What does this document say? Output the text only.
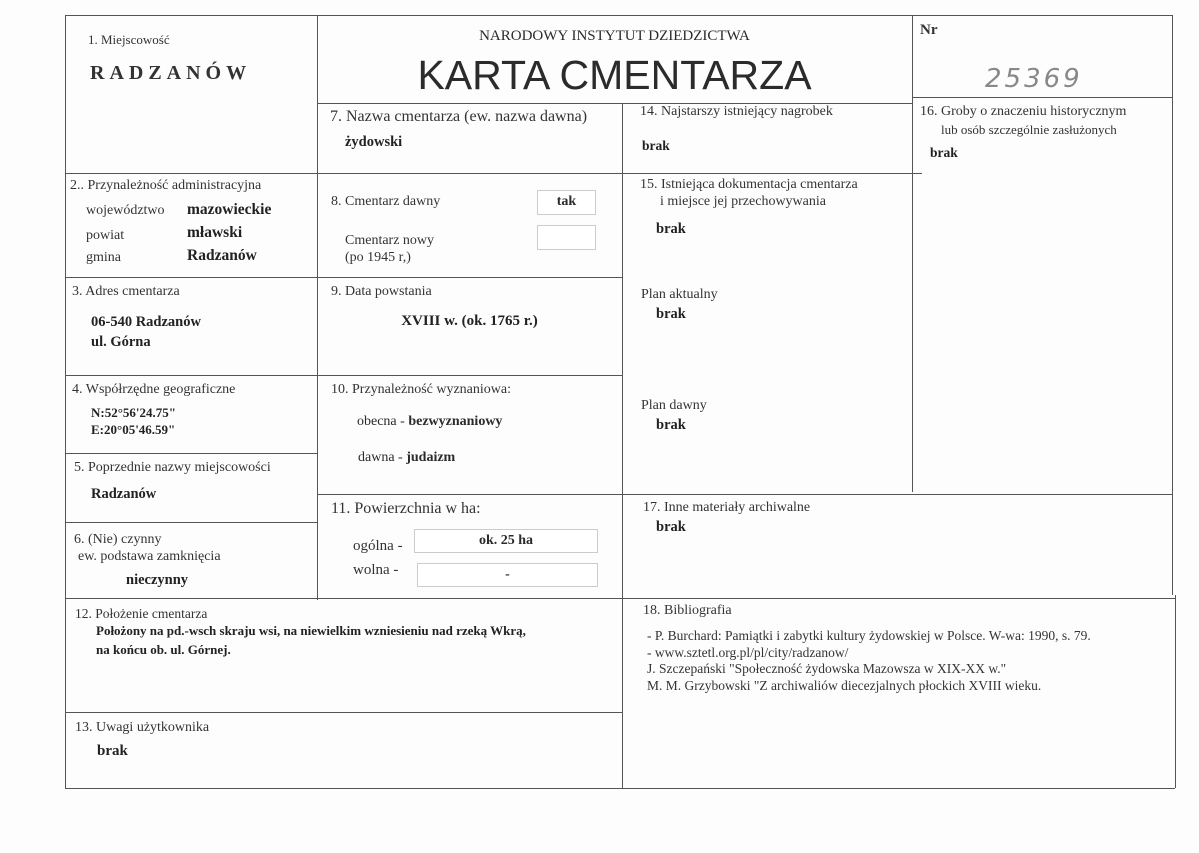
NARODOWY INSTYTUT DZIEDZICTWA
KARTA CMENTARZA
Nr
25369
1. Miejscowość
RADZANÓW
2.. Przynależność administracyjna
województwo mazowieckie
powiat	mławski
gmina	Radzanów
3. Adres cmentarza
06-540 Radzanów
ul. Górna
4. Współrzędne geograficzne
N:52°56'24.75"
E:20°05'46.59"
5. Poprzednie nazwy miejscowości
Radzanów
6. (Nie) czynny
ew. podstawa zamknięcia
nieczynny
7. Nazwa cmentarza (ew. nazwa dawna)
żydowski
8. Cmentarz dawny	tak
Cmentarz nowy
(po 1945 r,)
9. Data powstania
XVIII w. (ok. 1765 r.)
10. Przynależność wyznaniowa:
obecna - bezwyznaniowy
dawna - judaizm
11. Powierzchnia w ha:
ogólna -	ok. 25 ha
wolna -	-
12. Położenie cmentarza
Położony na pd.-wsch skraju wsi, na niewielkim wzniesieniu nad rzeką Wkrą,
na końcu ob. ul. Górnej.
13. Uwagi użytkownika
brak
14. Najstarszy istniejący nagrobek
brak
15. Istniejąca dokumentacja cmentarza
i miejsce jej przechowywania
brak
Plan aktualny
brak
Plan dawny
brak
16. Groby o znaczeniu historycznym
lub osób szczególnie zasłużonych
brak
17. Inne materiały archiwalne
brak
18. Bibliografia
- P. Burchard: Pamiątki i zabytki kultury żydowskiej w Polsce. W-wa: 1990, s. 79.
- www.sztetl.org.pl/pl/city/radzanow/
J. Szczepański "Społeczność żydowska Mazowsza w XIX-XX w."
M. M. Grzybowski "Z archiwaliów diecezjalnych płockich XVIII wieku.
